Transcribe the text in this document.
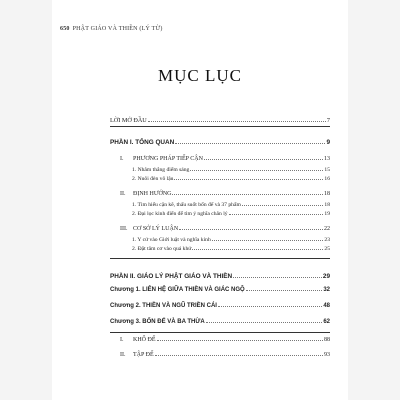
650 PHẬT GIÁO VÀ THIỀN (LÝ TỪ)
MỤC LỤC
LỜI MỞ ĐẦU	7
PHẦN I. TỔNG QUAN	9
I. PHƯƠNG PHÁP TIẾP CẬN	13
1. Nhâm thẳng điểm sáng	15
2. Nuôi đèn vô lậu	16
II. ĐỊNH HƯỚNG	18
1. Tìm hiểu cặn kẽ, thấu suốt bốn đế và 37 phẩm	18
2. Đại lọc kinh điển để tìm ý nghĩa chân lý	19
III. CƠ SỞ LÝ LUẬN	22
1. Y cứ vào Giới luật và nghĩa kinh	23
2. Đặt tâm cơ vào quá khứ	25
PHẦN II. GIÁO LÝ PHẬT GIÁO VÀ THIỀN	29
Chương 1. LIÊN HỆ GIỮA THIỀN VÀ GIÁC NGỘ	32
Chương 2. THIỀN VÀ NGŨ TRIỀN CÁI	48
Chương 3. BỐN ĐẾ VÀ BA THỪA	62
I. KHỔ ĐẾ	88
II. TẬP ĐẾ	93
